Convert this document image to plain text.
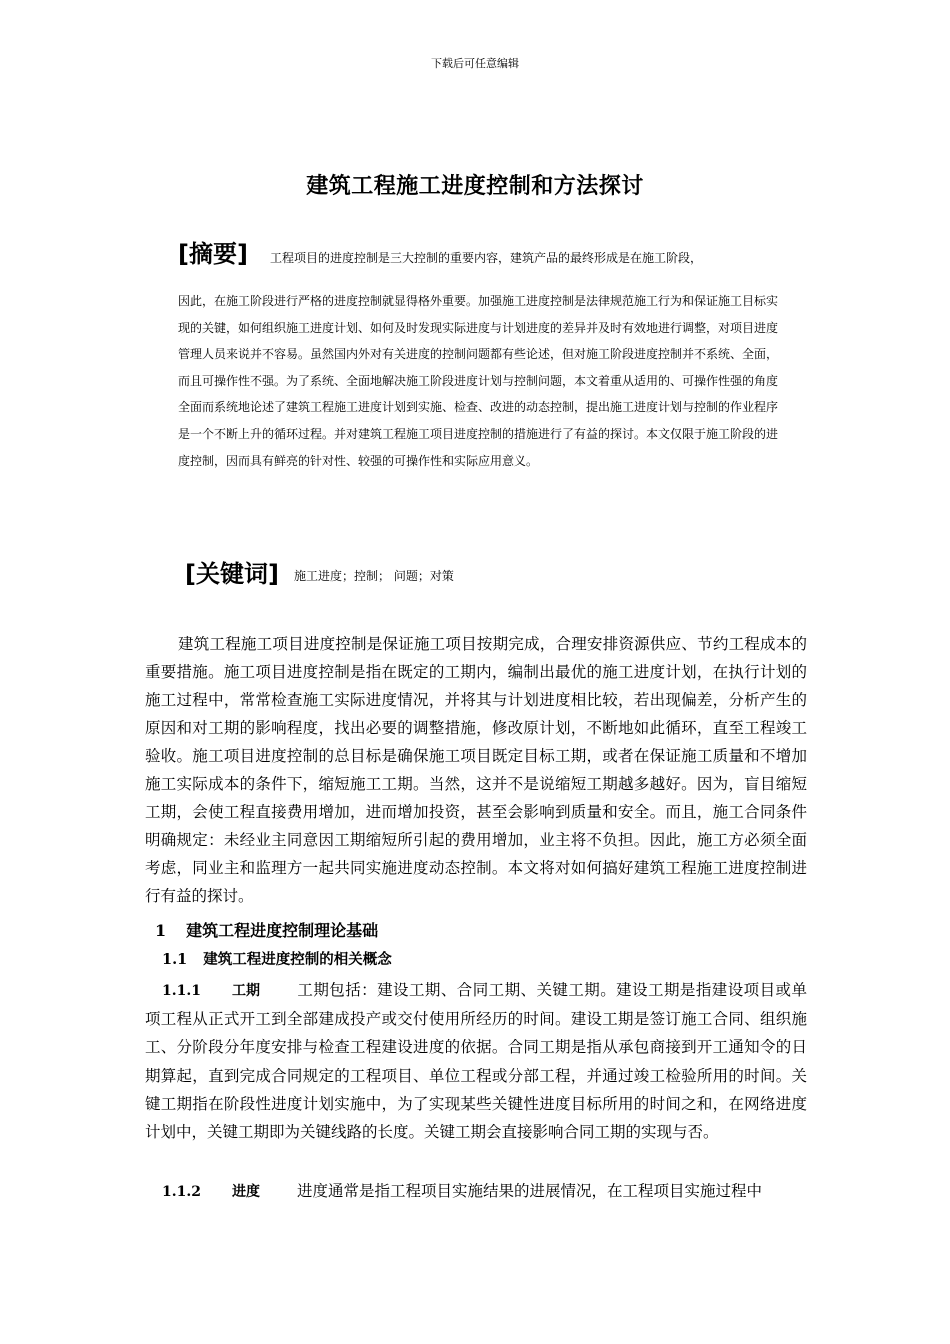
下载后可任意编辑
建筑工程施工进度控制和方法探讨
[摘要] 工程项目的进度控制是三大控制的重要内容，建筑产品的最终形成是在施工阶段，
因此，在施工阶段进行严格的进度控制就显得格外重要。加强施工进度控制是法律规范施工行为和保证施工目标实现的关键，如何组织施工进度计划、如何及时发现实际进度与计划进度的差异并及时有效地进行调整，对项目进度管理人员来说并不容易。虽然国内外对有关进度的控制问题都有些论述，但对施工阶段进度控制并不系统、全面，而且可操作性不强。为了系统、全面地解决施工阶段进度计划与控制问题，本文着重从适用的、可操作性强的角度全面而系统地论述了建筑工程施工进度计划到实施、检查、改进的动态控制，提出施工进度计划与控制的作业程序是一个不断上升的循环过程。并对建筑工程施工项目进度控制的措施进行了有益的探讨。本文仅限于施工阶段的进度控制，因而具有鲜亮的针对性、较强的可操作性和实际应用意义。
[关键词] 施工进度；控制； 问题；对策
建筑工程施工项目进度控制是保证施工项目按期完成，合理安排资源供应、节约工程成本的重要措施。施工项目进度控制是指在既定的工期内，编制出最优的施工进度计划，在执行计划的施工过程中，常常检查施工实际进度情况，并将其与计划进度相比较，若出现偏差，分析产生的原因和对工期的影响程度，找出必要的调整措施，修改原计划，不断地如此循环，直至工程竣工验收。施工项目进度控制的总目标是确保施工项目既定目标工期，或者在保证施工质量和不增加施工实际成本的条件下，缩短施工工期。当然，这并不是说缩短工期越多越好。因为，盲目缩短工期，会使工程直接费用增加，进而增加投资，甚至会影响到质量和安全。而且，施工合同条件明确规定：未经业主同意因工期缩短所引起的费用增加，业主将不负担。因此，施工方必须全面考虑，同业主和监理方一起共同实施进度动态控制。本文将对如何搞好建筑工程施工进度控制进行有益的探讨。
1 建筑工程进度控制理论基础
1.1 建筑工程进度控制的相关概念
1.1.1 工期 工期包括：建设工期、合同工期、关键工期。建设工期是指建设项目或单项工程从正式开工到全部建成投产或交付使用所经历的时间。建设工期是签订施工合同、组织施工、分阶段分年度安排与检查工程建设进度的依据。合同工期是指从承包商接到开工通知令的日期算起，直到完成合同规定的工程项目、单位工程或分部工程，并通过竣工检验所用的时间。关键工期指在阶段性进度计划实施中，为了实现某些关键性进度目标所用的时间之和，在网络进度计划中，关键工期即为关键线路的长度。关键工期会直接影响合同工期的实现与否。
1.1.2 进度 进度通常是指工程项目实施结果的进展情况，在工程项目实施过程中
